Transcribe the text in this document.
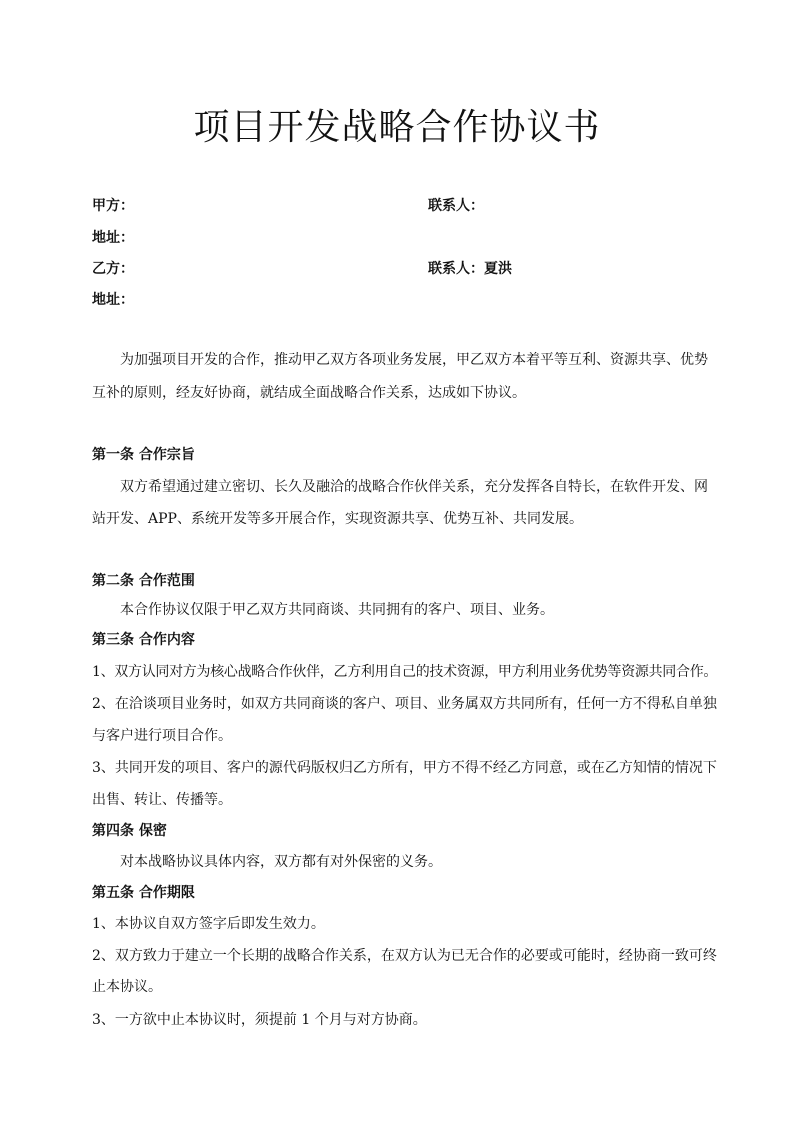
项目开发战略合作协议书
甲方：	联系人：
地址：
乙方：	联系人：夏洪
地址：
为加强项目开发的合作，推动甲乙双方各项业务发展，甲乙双方本着平等互利、资源共享、优势
互补的原则，经友好协商，就结成全面战略合作关系，达成如下协议。
第一条 合作宗旨
双方希望通过建立密切、长久及融洽的战略合作伙伴关系，充分发挥各自特长，在软件开发、网
站开发、APP、系统开发等多开展合作，实现资源共享、优势互补、共同发展。
第二条 合作范围
本合作协议仅限于甲乙双方共同商谈、共同拥有的客户、项目、业务。
第三条 合作内容
1、双方认同对方为核心战略合作伙伴，乙方利用自己的技术资源，甲方利用业务优势等资源共同合作。
2、在洽谈项目业务时，如双方共同商谈的客户、项目、业务属双方共同所有，任何一方不得私自单独
与客户进行项目合作。
3、共同开发的项目、客户的源代码版权归乙方所有，甲方不得不经乙方同意，或在乙方知情的情况下
出售、转让、传播等。
第四条 保密
对本战略协议具体内容，双方都有对外保密的义务。
第五条 合作期限
1、本协议自双方签字后即发生效力。
2、双方致力于建立一个长期的战略合作关系，在双方认为已无合作的必要或可能时，经协商一致可终
止本协议。
3、一方欲中止本协议时，须提前 1 个月与对方协商。
